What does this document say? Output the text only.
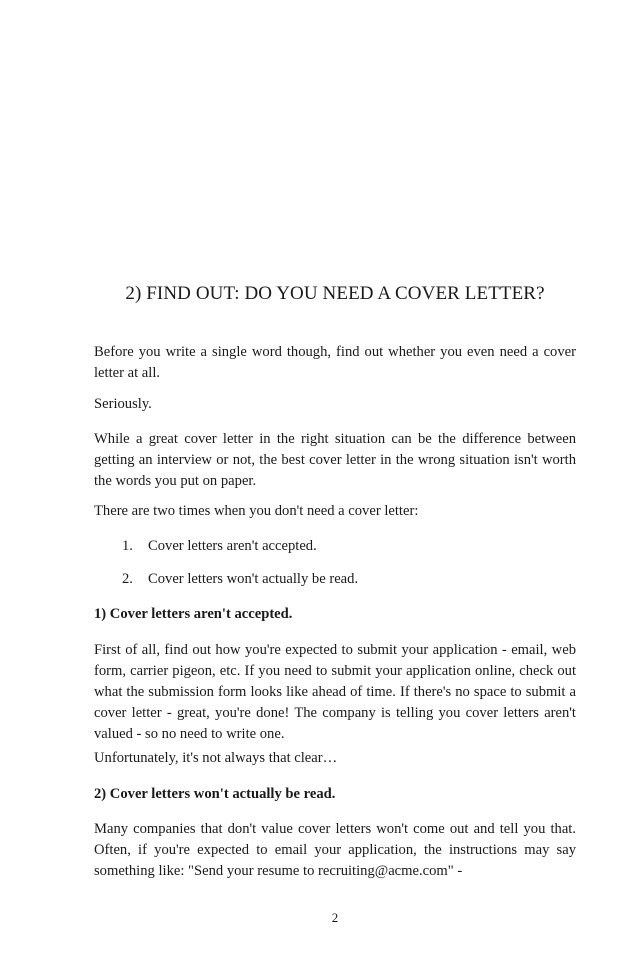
2) FIND OUT: DO YOU NEED A COVER LETTER?

Before you write a single word though, find out whether you even need a cover letter at all.

Seriously.

While a great cover letter in the right situation can be the difference between getting an interview or not, the best cover letter in the wrong situation isn't worth the words you put on paper.

There are two times when you don't need a cover letter:

1. Cover letters aren't accepted.
2. Cover letters won't actually be read.
1) Cover letters aren't accepted.

First of all, find out how you're expected to submit your application - email, web form, carrier pigeon, etc. If you need to submit your application online, check out what the submission form looks like ahead of time. If there's no space to submit a cover letter - great, you're done! The company is telling you cover letters aren't valued - so no need to write one.

Unfortunately, it's not always that clear…

2) Cover letters won't actually be read.

Many companies that don't value cover letters won't come out and tell you that. Often, if you're expected to email your application, the instructions may say something like: "Send your resume to recruiting@acme.com" -

2
